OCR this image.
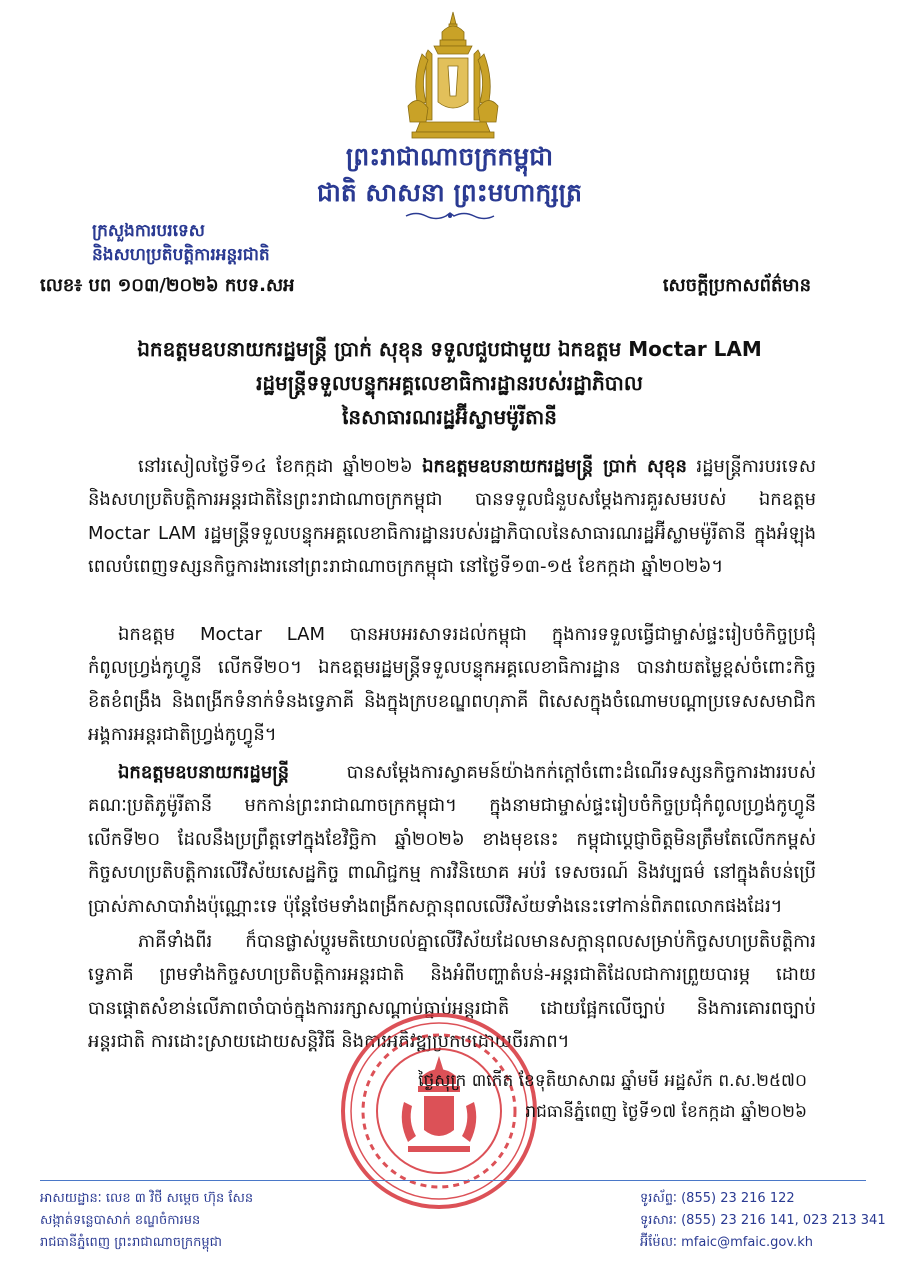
ព្រះរាជាណាចក្រកម្ពុជា
ជាតិ សាសនា ព្រះមហាក្សត្រ
ក្រសួងការបរទេស
និងសហប្រតិបត្តិការអន្តរជាតិ
លេខ៖ បព ១០៣/២០២៦ កបទ.សអ	សេចក្តីប្រកាសព័ត៌មាន
ឯកឧត្តមឧបនាយករដ្ឋមន្ត្រី ប្រាក់ សុខុន ទទួលជួបជាមួយ ឯកឧត្តម Moctar LAM
រដ្ឋមន្ត្រីទទួលបន្ទុកអគ្គលេខាធិការដ្ឋានរបស់រដ្ឋាភិបាល
នៃសាធារណរដ្ឋអ៊ីស្លាមម៉ូរីតានី
នៅរសៀលថ្ងៃទី១៤ ខែកក្កដា ឆ្នាំ២០២៦ ឯកឧត្តមឧបនាយករដ្ឋមន្ត្រី ប្រាក់ សុខុន រដ្ឋមន្ត្រីការបរទេស និងសហប្រតិបត្តិការអន្តរជាតិនៃព្រះរាជាណាចក្រកម្ពុជា បានទទួលជំនួបសម្តែងការគួរសមរបស់ ឯកឧត្តម Moctar LAM រដ្ឋមន្ត្រីទទួលបន្ទុកអគ្គលេខាធិការដ្ឋានរបស់រដ្ឋាភិបាលនៃសាធារណរដ្ឋអ៊ីស្លាមម៉ូរីតានី ក្នុងអំឡុងពេលបំពេញទស្សនកិច្ចការងារនៅព្រះរាជាណាចក្រកម្ពុជា នៅថ្ងៃទី១៣-១៥ ខែកក្កដា ឆ្នាំ២០២៦។
ឯកឧត្តម Moctar LAM បានអបអរសាទរដល់កម្ពុជា ក្នុងការទទួលធ្វើជាម្ចាស់ផ្ទះរៀបចំកិច្ចប្រជុំកំពូលហ្វ្រង់កូហ្វូនី លើកទី២០។ ឯកឧត្តមរដ្ឋមន្ត្រីទទួលបន្ទុកអគ្គលេខាធិការដ្ឋាន បានវាយតម្លៃខ្ពស់ចំពោះកិច្ចខិតខំពង្រឹង និងពង្រីកទំនាក់ទំនងទ្វេភាគី និងក្នុងក្របខណ្ឌពហុភាគី ពិសេសក្នុងចំណោមបណ្តាប្រទេសសមាជិកអង្គការអន្តរជាតិហ្វ្រង់កូហ្វូនី។
ឯកឧត្តមឧបនាយករដ្ឋមន្ត្រី	បានសម្តែងការស្វាគមន៍យ៉ាងកក់ក្តៅចំពោះដំណើរទស្សនកិច្ចការងាររបស់គណៈប្រតិភូម៉ូរីតានី មកកាន់ព្រះរាជាណាចក្រកម្ពុជា។ ក្នុងនាមជាម្ចាស់ផ្ទះរៀបចំកិច្ចប្រជុំកំពូលហ្វ្រង់កូហ្វូនី លើកទី២០ ដែលនឹងប្រព្រឹត្តទៅក្នុងខែវិច្ឆិកា ឆ្នាំ២០២៦ ខាងមុខនេះ កម្ពុជាប្តេជ្ញាចិត្តមិនត្រឹមតែលើកកម្ពស់កិច្ចសហប្រតិបត្តិការលើវិស័យសេដ្ឋកិច្ច ពាណិជ្ជកម្ម ការវិនិយោគ អប់រំ ទេសចរណ៍ និងវប្បធម៌ នៅក្នុងតំបន់ប្រើប្រាស់ភាសាបារាំងប៉ុណ្ណោះទេ ប៉ុន្តែថែមទាំងពង្រីកសក្តានុពលលើវិស័យទាំងនេះទៅកាន់ពិភពលោកផងដែរ។
ភាគីទាំងពីរ ក៏បានផ្លាស់ប្តូរមតិយោបល់គ្នាលើវិស័យដែលមានសក្តានុពលសម្រាប់កិច្ចសហប្រតិបត្តិការទ្វេភាគី ព្រមទាំងកិច្ចសហប្រតិបត្តិការអន្តរជាតិ និងអំពីបញ្ហាតំបន់-អន្តរជាតិដែលជាការព្រួយបារម្ភ ដោយបានផ្តោតសំខាន់លើភាពចាំបាច់ក្នុងការរក្សាសណ្តាប់ធ្នាប់អន្តរជាតិ ដោយផ្អែកលើច្បាប់ និងការគោរពច្បាប់អន្តរជាតិ ការដោះស្រាយដោយសន្តិវិធី និងការអភិវឌ្ឍប្រកបដោយចីរភាព។
ថ្ងៃសុក្រ ៣កើត ខែទុតិយាសាឍ ឆ្នាំមមី អដ្ឋស័ក ព.ស.២៥៧០
រាជធានីភ្នំពេញ ថ្ងៃទី១៧ ខែកក្កដា ឆ្នាំ២០២៦
អាសយដ្ឋានៈ លេខ ៣ វិថី សម្តេច ហ៊ុន សែន
សង្កាត់ទន្លេបាសាក់ ខណ្ឌចំការមន
រាជធានីភ្នំពេញ ព្រះរាជាណាចក្រកម្ពុជា
ទូរស័ព្ទៈ (855) 23 216 122
ទូរសារៈ (855) 23 216 141, 023 213 341
អ៊ីម៉ែលៈ mfaic@mfaic.gov.kh
